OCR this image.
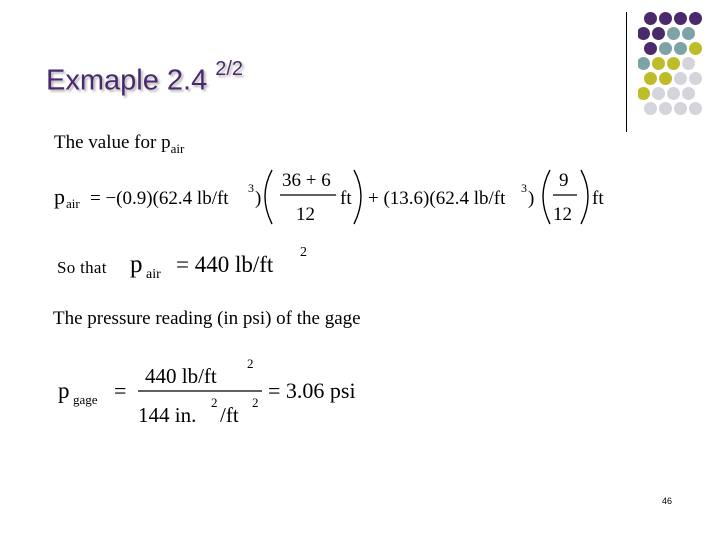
Exmaple 2.4 $^{2/2}$
The value for $p_{air}$
p air = −(0.9)(62.4 lb/ft 3 )
36 + 6
12
ft + (13.6)(62.4 lb/ft 3 )
9
12
ft
So that p air = 440 lb/ft 2
The pressure reading (in psi) of the gage
p gage =
440 lb/ft
2
144 in.
2
/ft
2 = 3.06 psi
46
